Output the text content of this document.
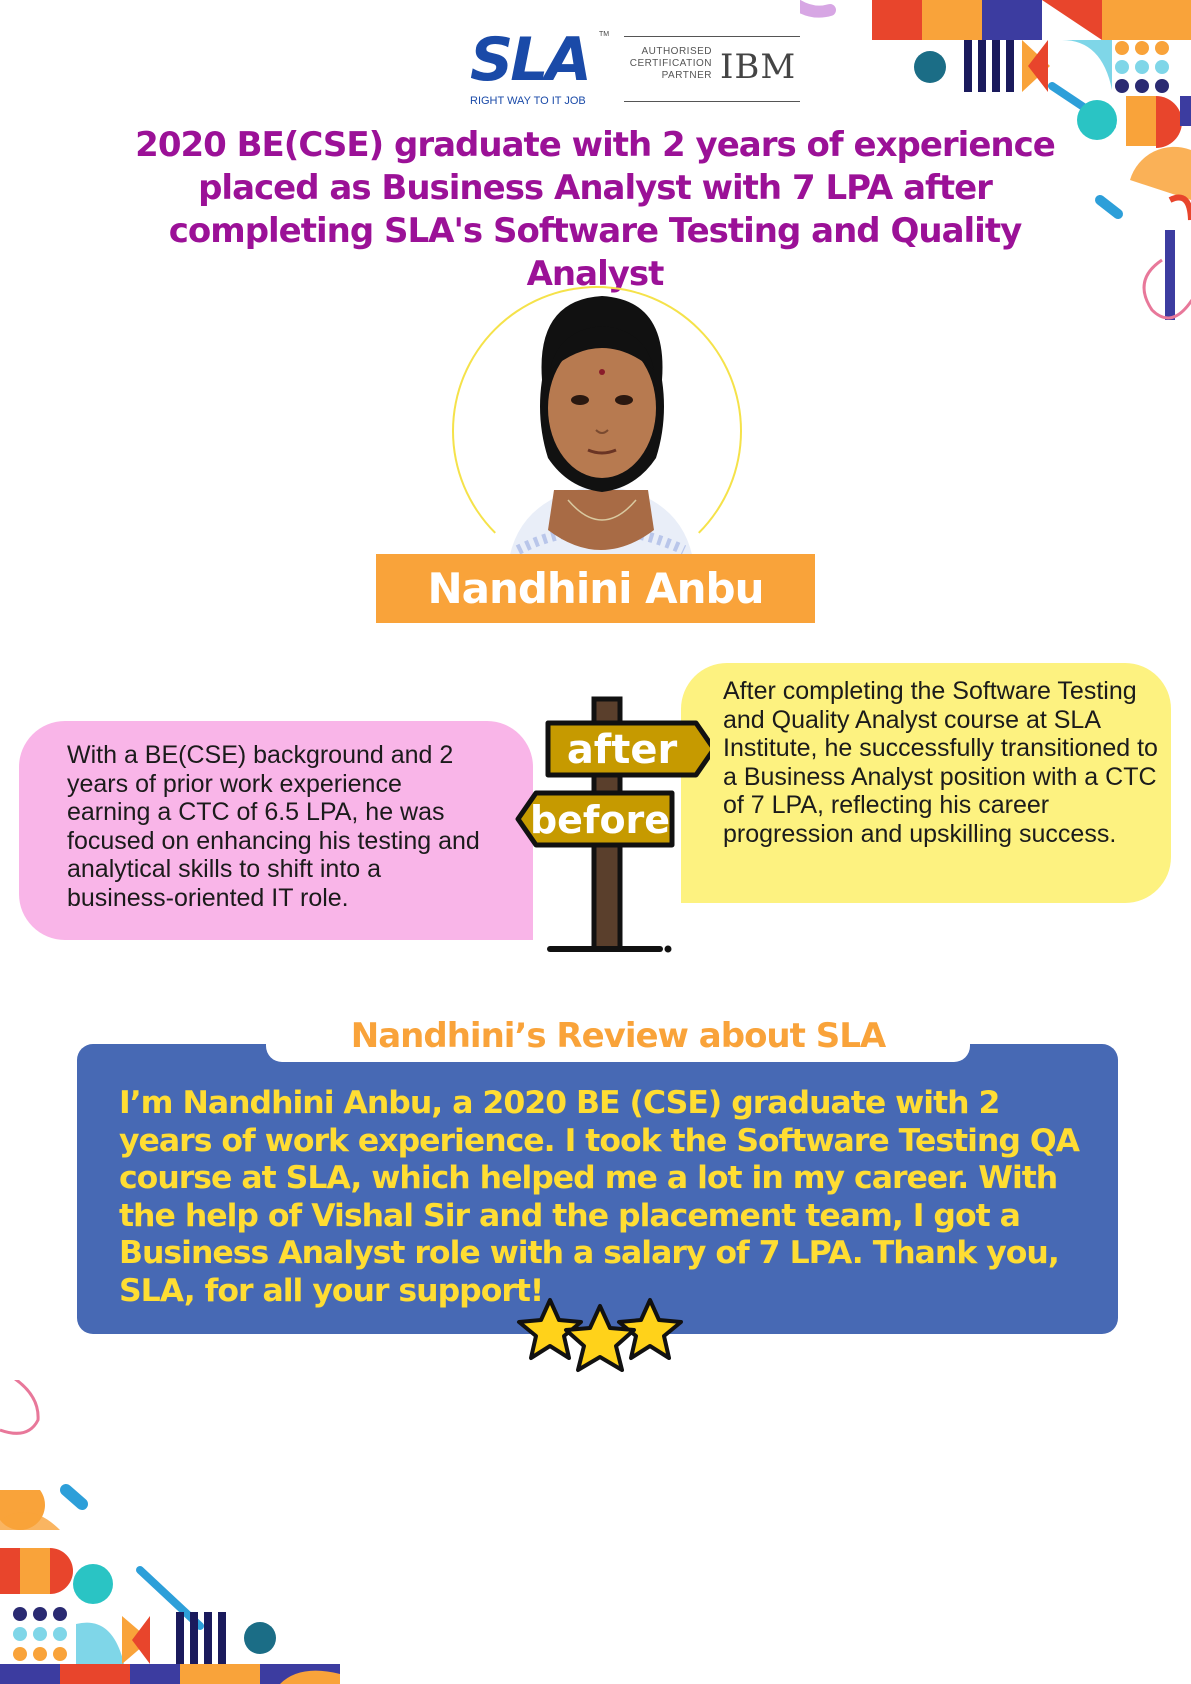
SLA TM
RIGHT WAY TO IT JOB
AUTHORISED
CERTIFICATION
PARTNER IBM
2020 BE(CSE) graduate with 2 years of experience placed as Business Analyst with 7 LPA after completing SLA's Software Testing and Quality Analyst
Nandhini Anbu
With a BE(CSE) background and 2 years of prior work experience earning a CTC of 6.5 LPA, he was focused on enhancing his testing and analytical skills to shift into a business-oriented IT role.
After completing the Software Testing and Quality Analyst course at SLA Institute, he successfully transitioned to a Business Analyst position with a CTC of 7 LPA, reflecting his career progression and upskilling success.
after
before
Nandhini’s Review about SLA
I’m Nandhini Anbu, a 2020 BE (CSE) graduate with 2 years of work experience. I took the Software Testing QA course at SLA, which helped me a lot in my career. With the help of Vishal Sir and the placement team, I got a Business Analyst role with a salary of 7 LPA. Thank you, SLA, for all your support!
